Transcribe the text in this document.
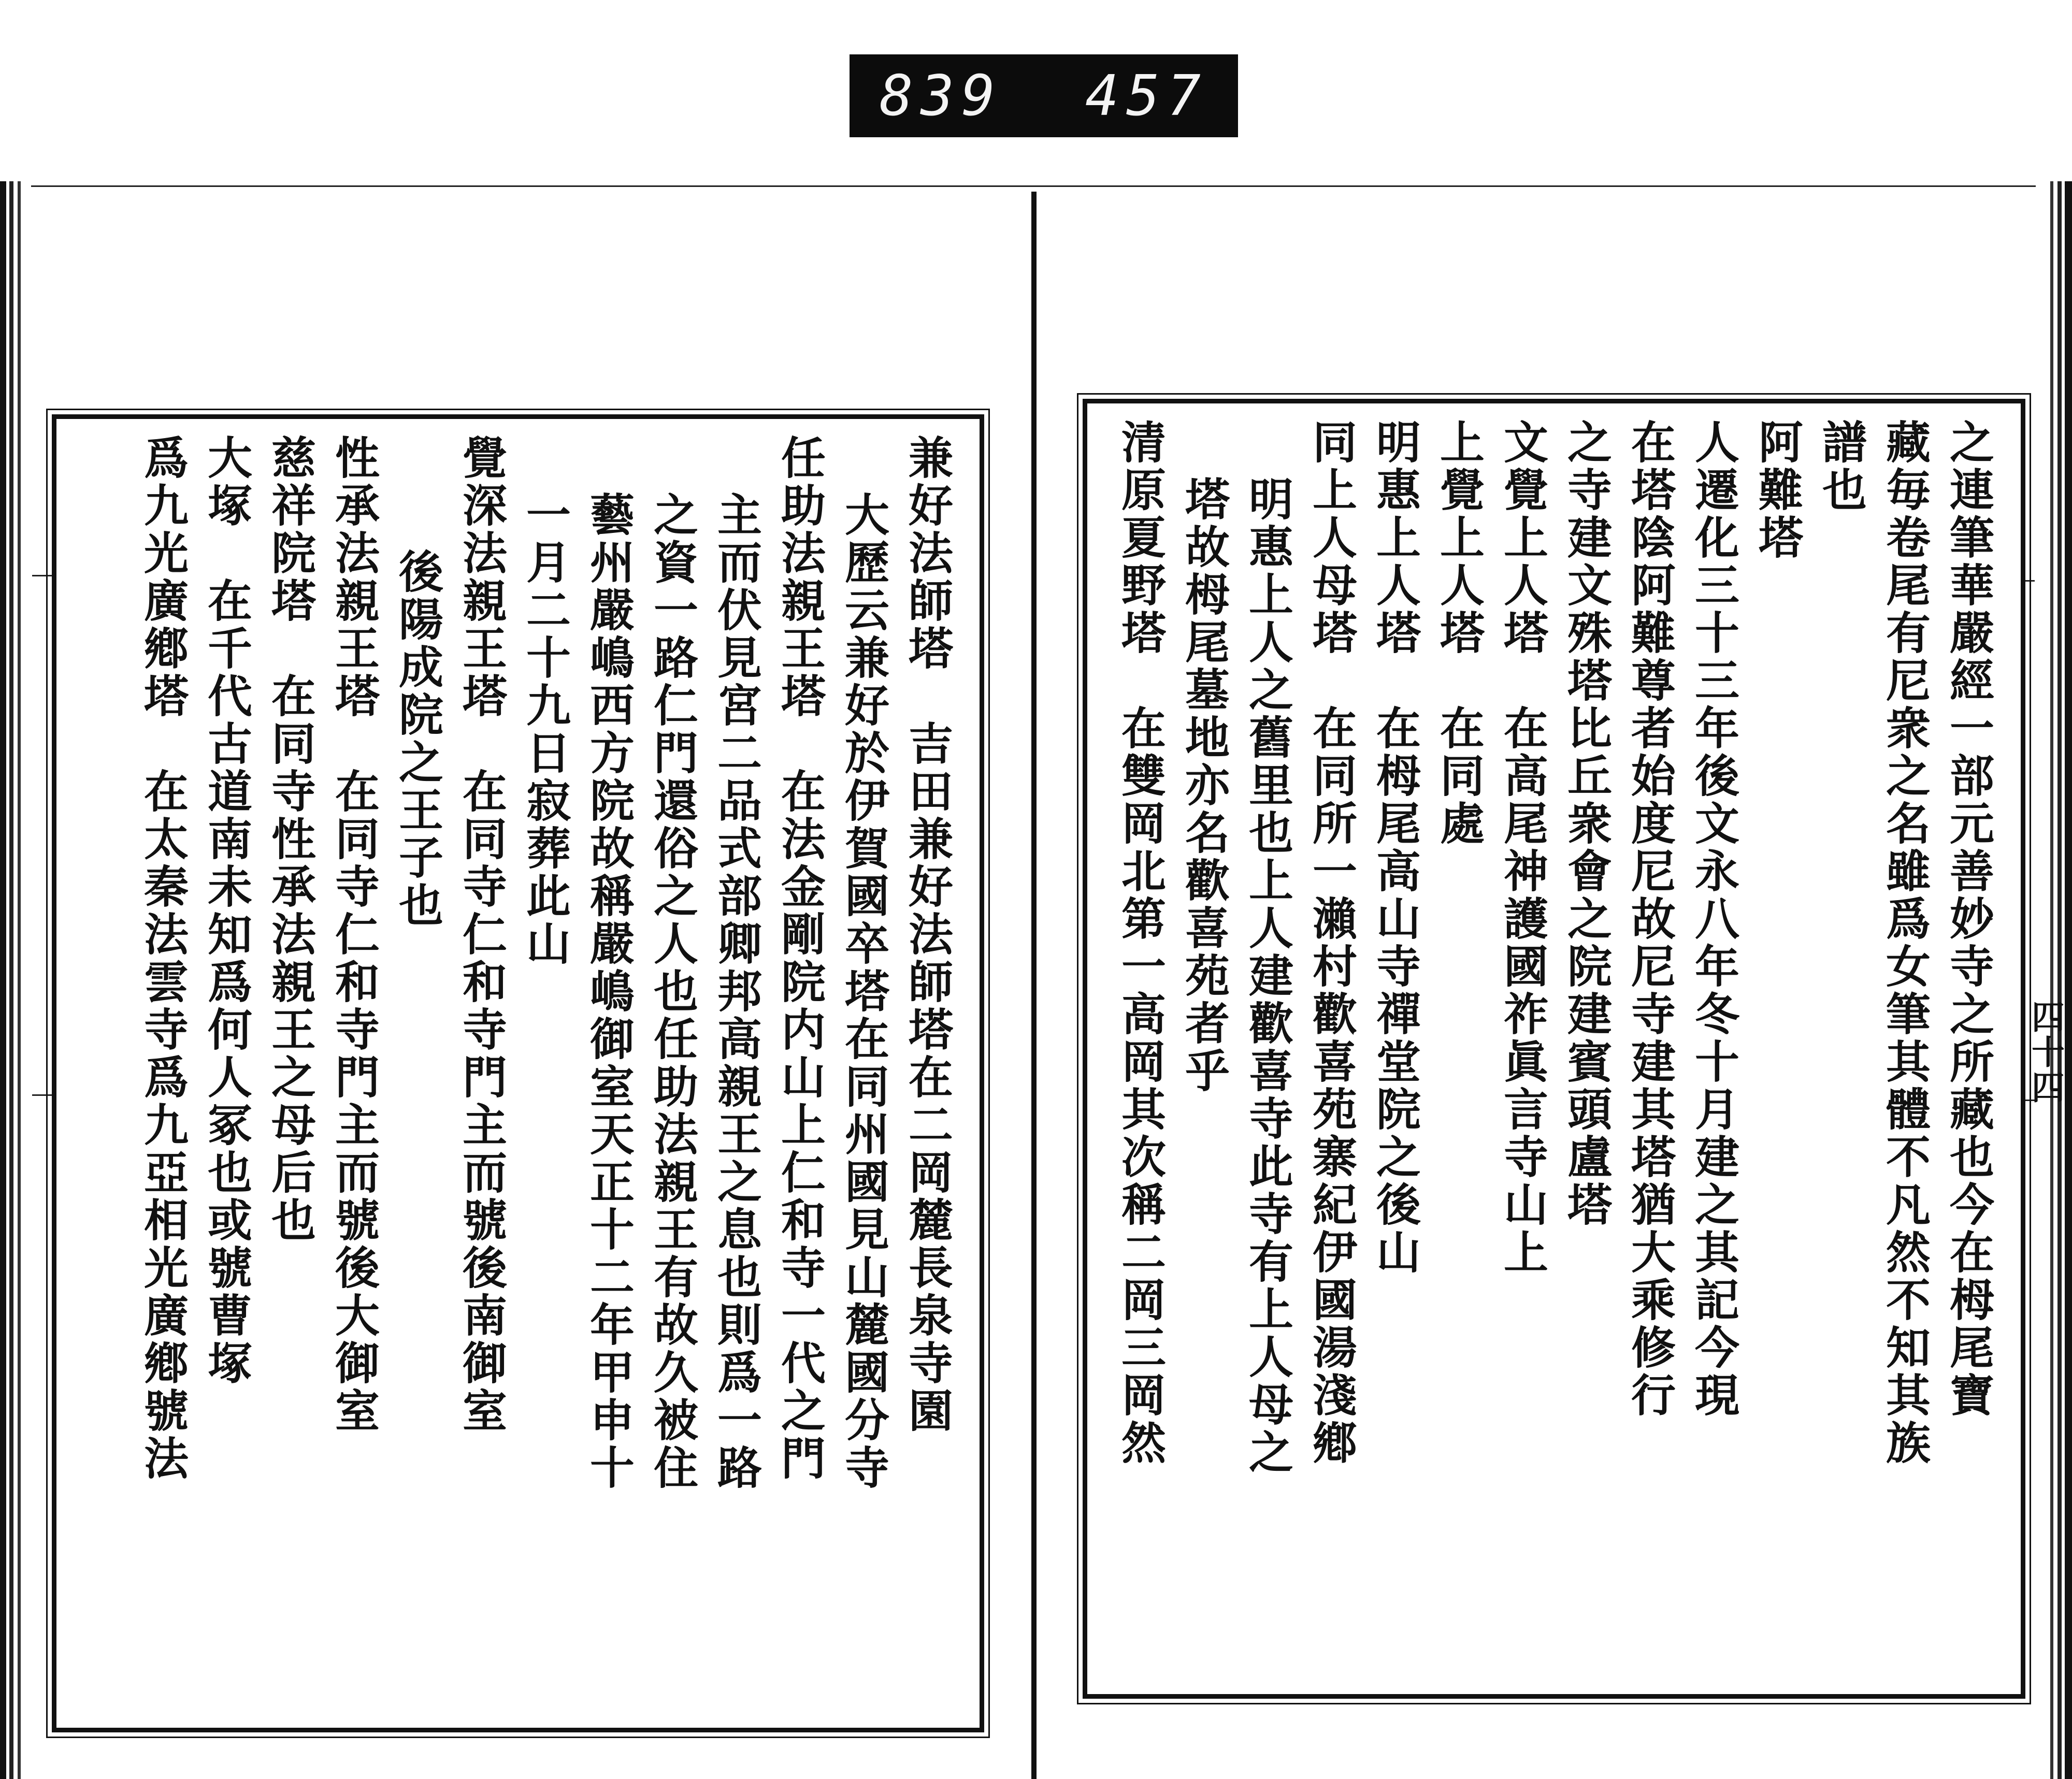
839 457
四十四
兼好法師塔　吉田兼好法師塔在二岡麓長泉寺園
大歷云兼好於伊賀國卒塔在同州國見山麓國分寺
任助法親王塔　在法金剛院内山上仁和寺一代之門
主而伏見宮二品式部卿邦高親王之息也則爲一路
之資一路仁門還俗之人也任助法親王有故久被住
藝州嚴嶋西方院故稱嚴嶋御室天正十二年甲申十
一月二十九日寂葬此山
覺深法親王塔　在同寺仁和寺門主而號後南御室
後陽成院之王子也
性承法親王塔　在同寺仁和寺門主而號後大御室
慈祥院塔　在同寺性承法親王之母后也
大塚　在千代古道南未知爲何人冢也或號曹塚
爲九光廣鄕塔　在太秦法雲寺爲九亞相光廣鄕號法	之連筆華嚴經一部元善妙寺之所藏也今在栂尾寶
藏毎卷尾有尼衆之名雖爲女筆其體不凡然不知其族
譜也
阿難塔
人遷化三十三年後文永八年冬十月建之其記今現
在塔陰阿難尊者始度尼故尼寺建其塔猶大乘修行
之寺建文殊塔比丘衆會之院建賓頭盧塔
文覺上人塔　在高尾神護國祚眞言寺山上
上覺上人塔　在同處
明惠上人塔　在栂尾高山寺禪堂院之後山
同上人母塔　在同所一瀨村歡喜苑寨紀伊國湯淺鄕
明惠上人之舊里也上人建歡喜寺此寺有上人母之
塔故栂尾墓地亦名歡喜苑者乎
清原夏野塔　在雙岡北第一高岡其次稱二岡三岡然
